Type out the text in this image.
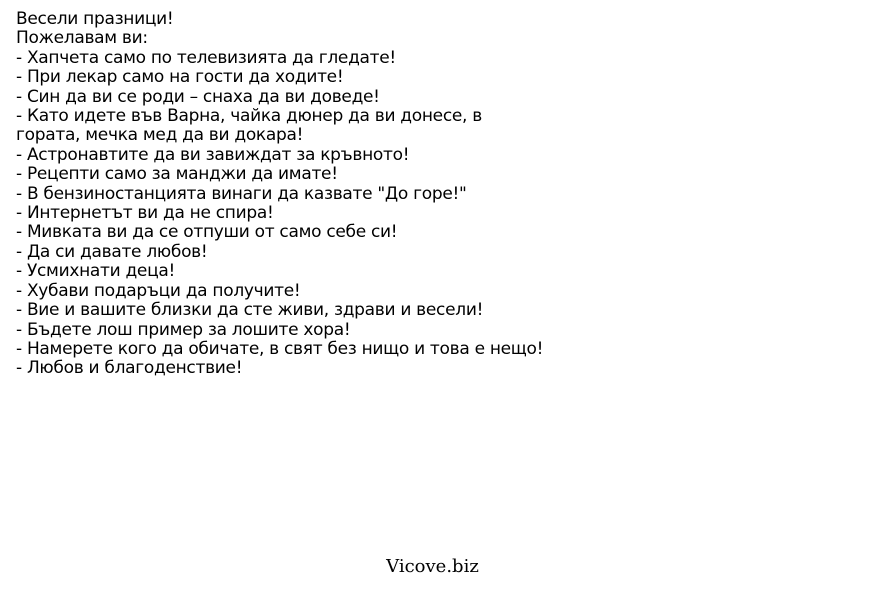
Весели празници!
Пожелавам ви:
- Хапчета само по телевизията да гледате!
- При лекар само на гости да ходите!
- Син да ви се роди – снаха да ви доведе!
- Като идете във Варна, чайка дюнер да ви донесе, в гората, мечка мед да ви докара!
- Астронавтите да ви завиждат за кръвното!
- Рецепти само за манджи да имате!
- В бензиностанцията винаги да казвате "До горе!"
- Интернетът ви да не спира!
- Мивката ви да се отпуши от само себе си!
- Да си давате любов!
- Усмихнати деца!
- Хубави подаръци да получите!
- Вие и вашите близки да сте живи, здрави и весели!
- Бъдете лош пример за лошите хора!
- Намерете кого да обичате, в свят без нищо и това е нещо!
- Любов и благоденствие!
Vicove.biz
